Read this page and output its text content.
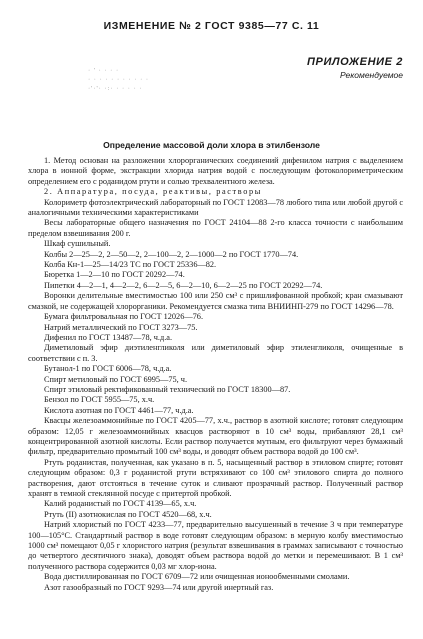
ИЗМЕНЕНИЕ № 2 ГОСТ 9385—77 С. 11
ПРИЛОЖЕНИЕ 2
Рекомендуемое
· ' · · · ·
· · · · · · · · · · ·
·'·'· ·:· · · · · ·
Определение массовой доли хлора в этилбензоле

1. Метод основан на разложении хлорорганических соединений дифенилом натрия с выделением хлора в ионной форме, экстракции хлорида натрия водой с последующим фотоколориметрическим определением его с роданидом ртути и солью трехвалентного железа.

2. Аппаратура, посуда, реактивы, растворы

Колориметр фотоэлектрический лабораторный по ГОСТ 12083—78 любого типа или любой другой с аналогичными техническими характеристиками

Весы лабораторные общего назначения по ГОСТ 24104—88 2-го класса точности с наибольшим пределом взвешивания 200 г.

Шкаф сушильный.

Колбы 2—25—2, 2—50—2, 2—100—2, 2—1000—2 по ГОСТ 1770—74.

Колба Кн-1—25—14/23 ТС по ГОСТ 25336—82.

Бюретка 1—2—10 по ГОСТ 20292—74.

Пипетки 4—2—1, 4—2—2, 6—2—5, 6—2—10, 6—2—25 по ГОСТ 20292—74.

Воронки делительные вместимостью 100 или 250 см³ с пришлифованной пробкой; кран смазывают смазкой, не содержащей хлорорганики. Рекомендуется смазка типа ВНИИНП-279 по ГОСТ 14296—78.

Бумага фильтровальная по ГОСТ 12026—76.

Натрий металлический по ГОСТ 3273—75.

Дифенил по ГОСТ 13487—78, ч.д.а.

Диметиловый эфир диэтиленгликоля или диметиловый эфир этиленгликоля, очищенные в соответствии с п. 3.

Бутанол-1 по ГОСТ 6006—78, ч.д.а.

Спирт метиловый по ГОСТ 6995—75, ч.

Спирт этиловый ректификованный технический по ГОСТ 18300—87.

Бензол по ГОСТ 5955—75, х.ч.

Кислота азотная по ГОСТ 4461—77, ч.д.а.

Квасцы железоаммонийные по ГОСТ 4205—77, х.ч., раствор в азотной кислоте; готовят следующим образом: 12,05 г железоаммонийных квасцов растворяют в 10 см³ воды, прибавляют 28,1 см³ концентрированной азотной кислоты. Если раствор получается мутным, его фильтруют через бумажный фильтр, предварительно промытый 100 см³ воды, и доводят объем раствора водой до 100 см³.

Ртуть роданистая, полученная, как указано в п. 5, насыщенный раствор в этиловом спирте; готовят следующим образом: 0,3 г роданистой ртути встряхивают со 100 см³ этилового спирта до полного растворения, дают отстояться в течение суток и сливают прозрачный раствор. Полученный раствор хранят в темной стеклянной посуде с притертой пробкой.

Калий роданистый по ГОСТ 4139—65, х.ч.

Ртуть (II) азотнокислая по ГОСТ 4520—68, х.ч.

Натрий хлористый по ГОСТ 4233—77, предварительно высушенный в течение 3 ч при температуре 100—105°С. Стандартный раствор в воде готовят следующим образом: в мерную колбу вместимостью 1000 см³ помещают 0,05 г хлористого натрия (результат взвешивания в граммах записывают с точностью до четвертого десятичного знака), доводят объем раствора водой до метки и перемешивают. В 1 см³ полученного раствора содержится 0,03 мг хлор-иона.

Вода дистиллированная по ГОСТ 6709—72 или очищенная ионообменными смолами.

Азот газообразный по ГОСТ 9293—74 или другой инертный газ.
